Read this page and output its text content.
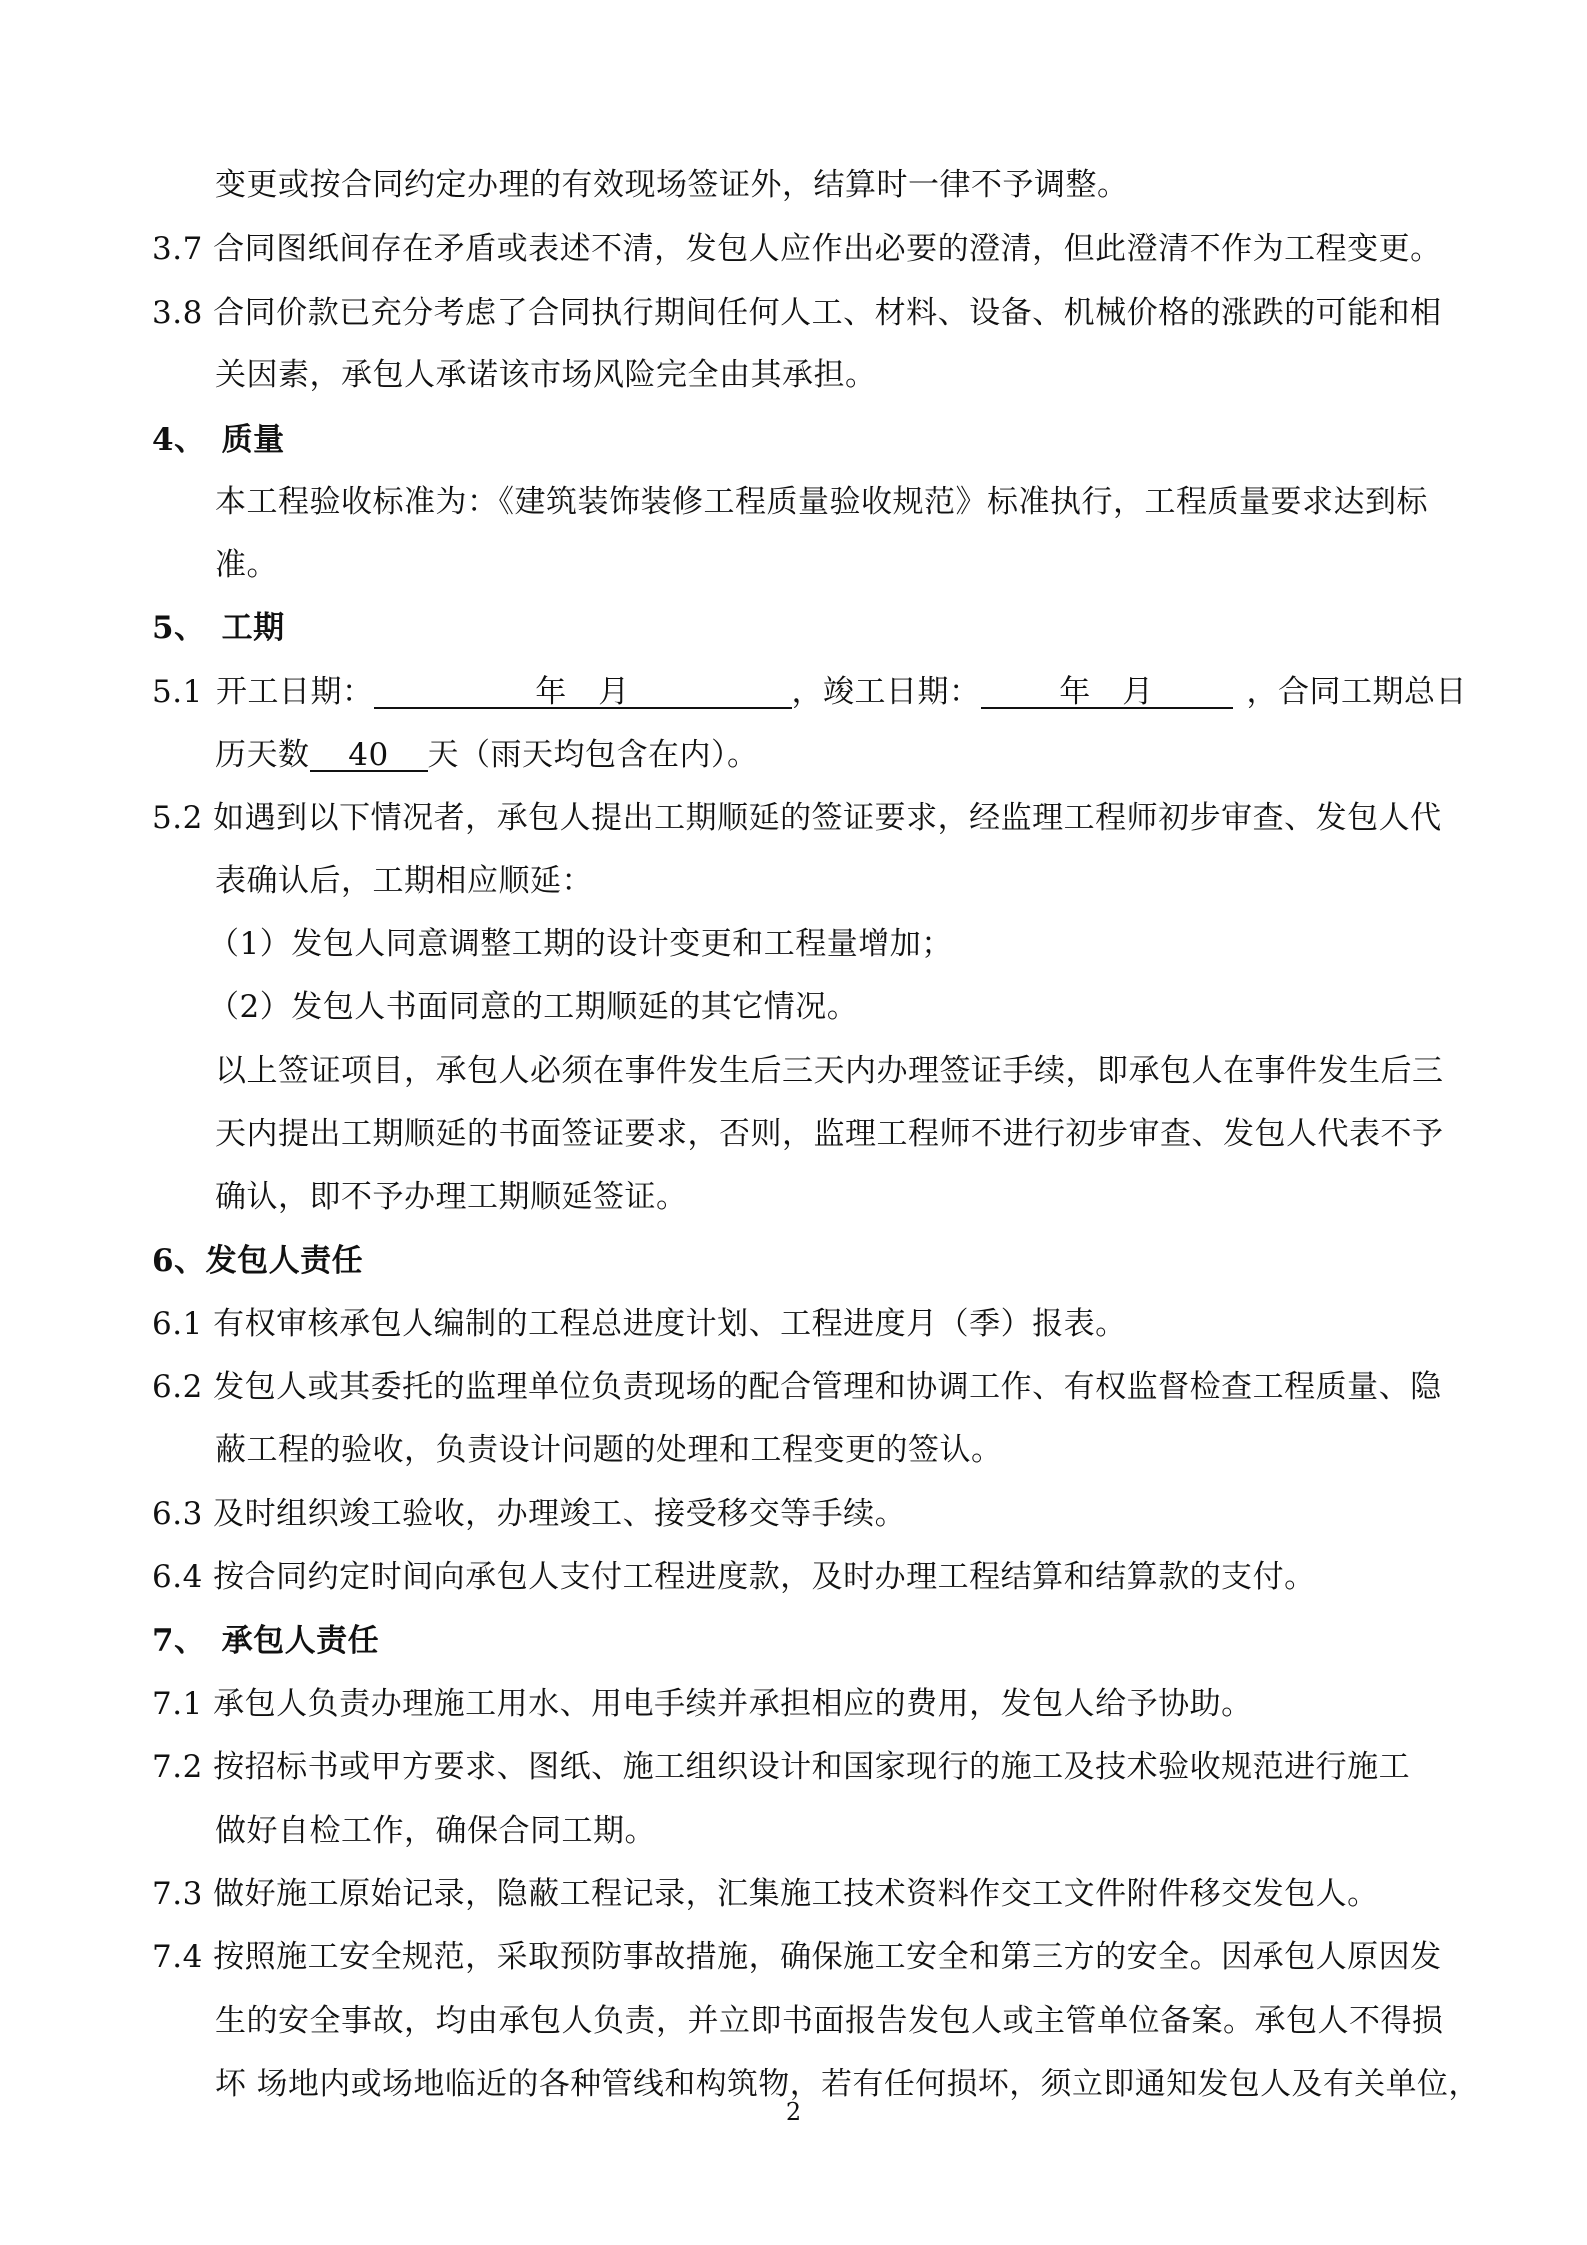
变更或按合同约定办理的有效现场签证外，结算时一律不予调整。
3.7 合同图纸间存在矛盾或表述不清，发包人应作出必要的澄清，但此澄清不作为工程变更。
3.8 合同价款已充分考虑了合同执行期间任何人工、材料、设备、机械价格的涨跌的可能和相
关因素，承包人承诺该市场风险完全由其承担。
4、　质量
本工程验收标准为：《建筑装饰装修工程质量验收规范》标准执行，工程质量要求达到标
准。
5、　工期
5.1 开工日期：	年　月	，竣工日期：	年　月	，合同工期总日
历天数 40 天（雨天均包含在内）。
5.2 如遇到以下情况者，承包人提出工期顺延的签证要求，经监理工程师初步审查、发包人代
表确认后，工期相应顺延：
（1）发包人同意调整工期的设计变更和工程量增加；
（2）发包人书面同意的工期顺延的其它情况。
以上签证项目，承包人必须在事件发生后三天内办理签证手续，即承包人在事件发生后三
天内提出工期顺延的书面签证要求，否则，监理工程师不进行初步审查、发包人代表不予
确认，即不予办理工期顺延签证。
6、发包人责任
6.1 有权审核承包人编制的工程总进度计划、工程进度月（季）报表。
6.2 发包人或其委托的监理单位负责现场的配合管理和协调工作、有权监督检查工程质量、隐
蔽工程的验收，负责设计问题的处理和工程变更的签认。
6.3 及时组织竣工验收，办理竣工、接受移交等手续。
6.4 按合同约定时间向承包人支付工程进度款，及时办理工程结算和结算款的支付。
7、　承包人责任
7.1 承包人负责办理施工用水、用电手续并承担相应的费用，发包人给予协助。
7.2 按招标书或甲方要求、图纸、施工组织设计和国家现行的施工及技术验收规范进行施工
做好自检工作，确保合同工期。
7.3 做好施工原始记录，隐蔽工程记录，汇集施工技术资料作交工文件附件移交发包人。
7.4 按照施工安全规范，采取预防事故措施，确保施工安全和第三方的安全。因承包人原因发
生的安全事故，均由承包人负责，并立即书面报告发包人或主管单位备案。承包人不得损
坏 场地内或场地临近的各种管线和构筑物，若有任何损坏，须立即通知发包人及有关单位，
2
